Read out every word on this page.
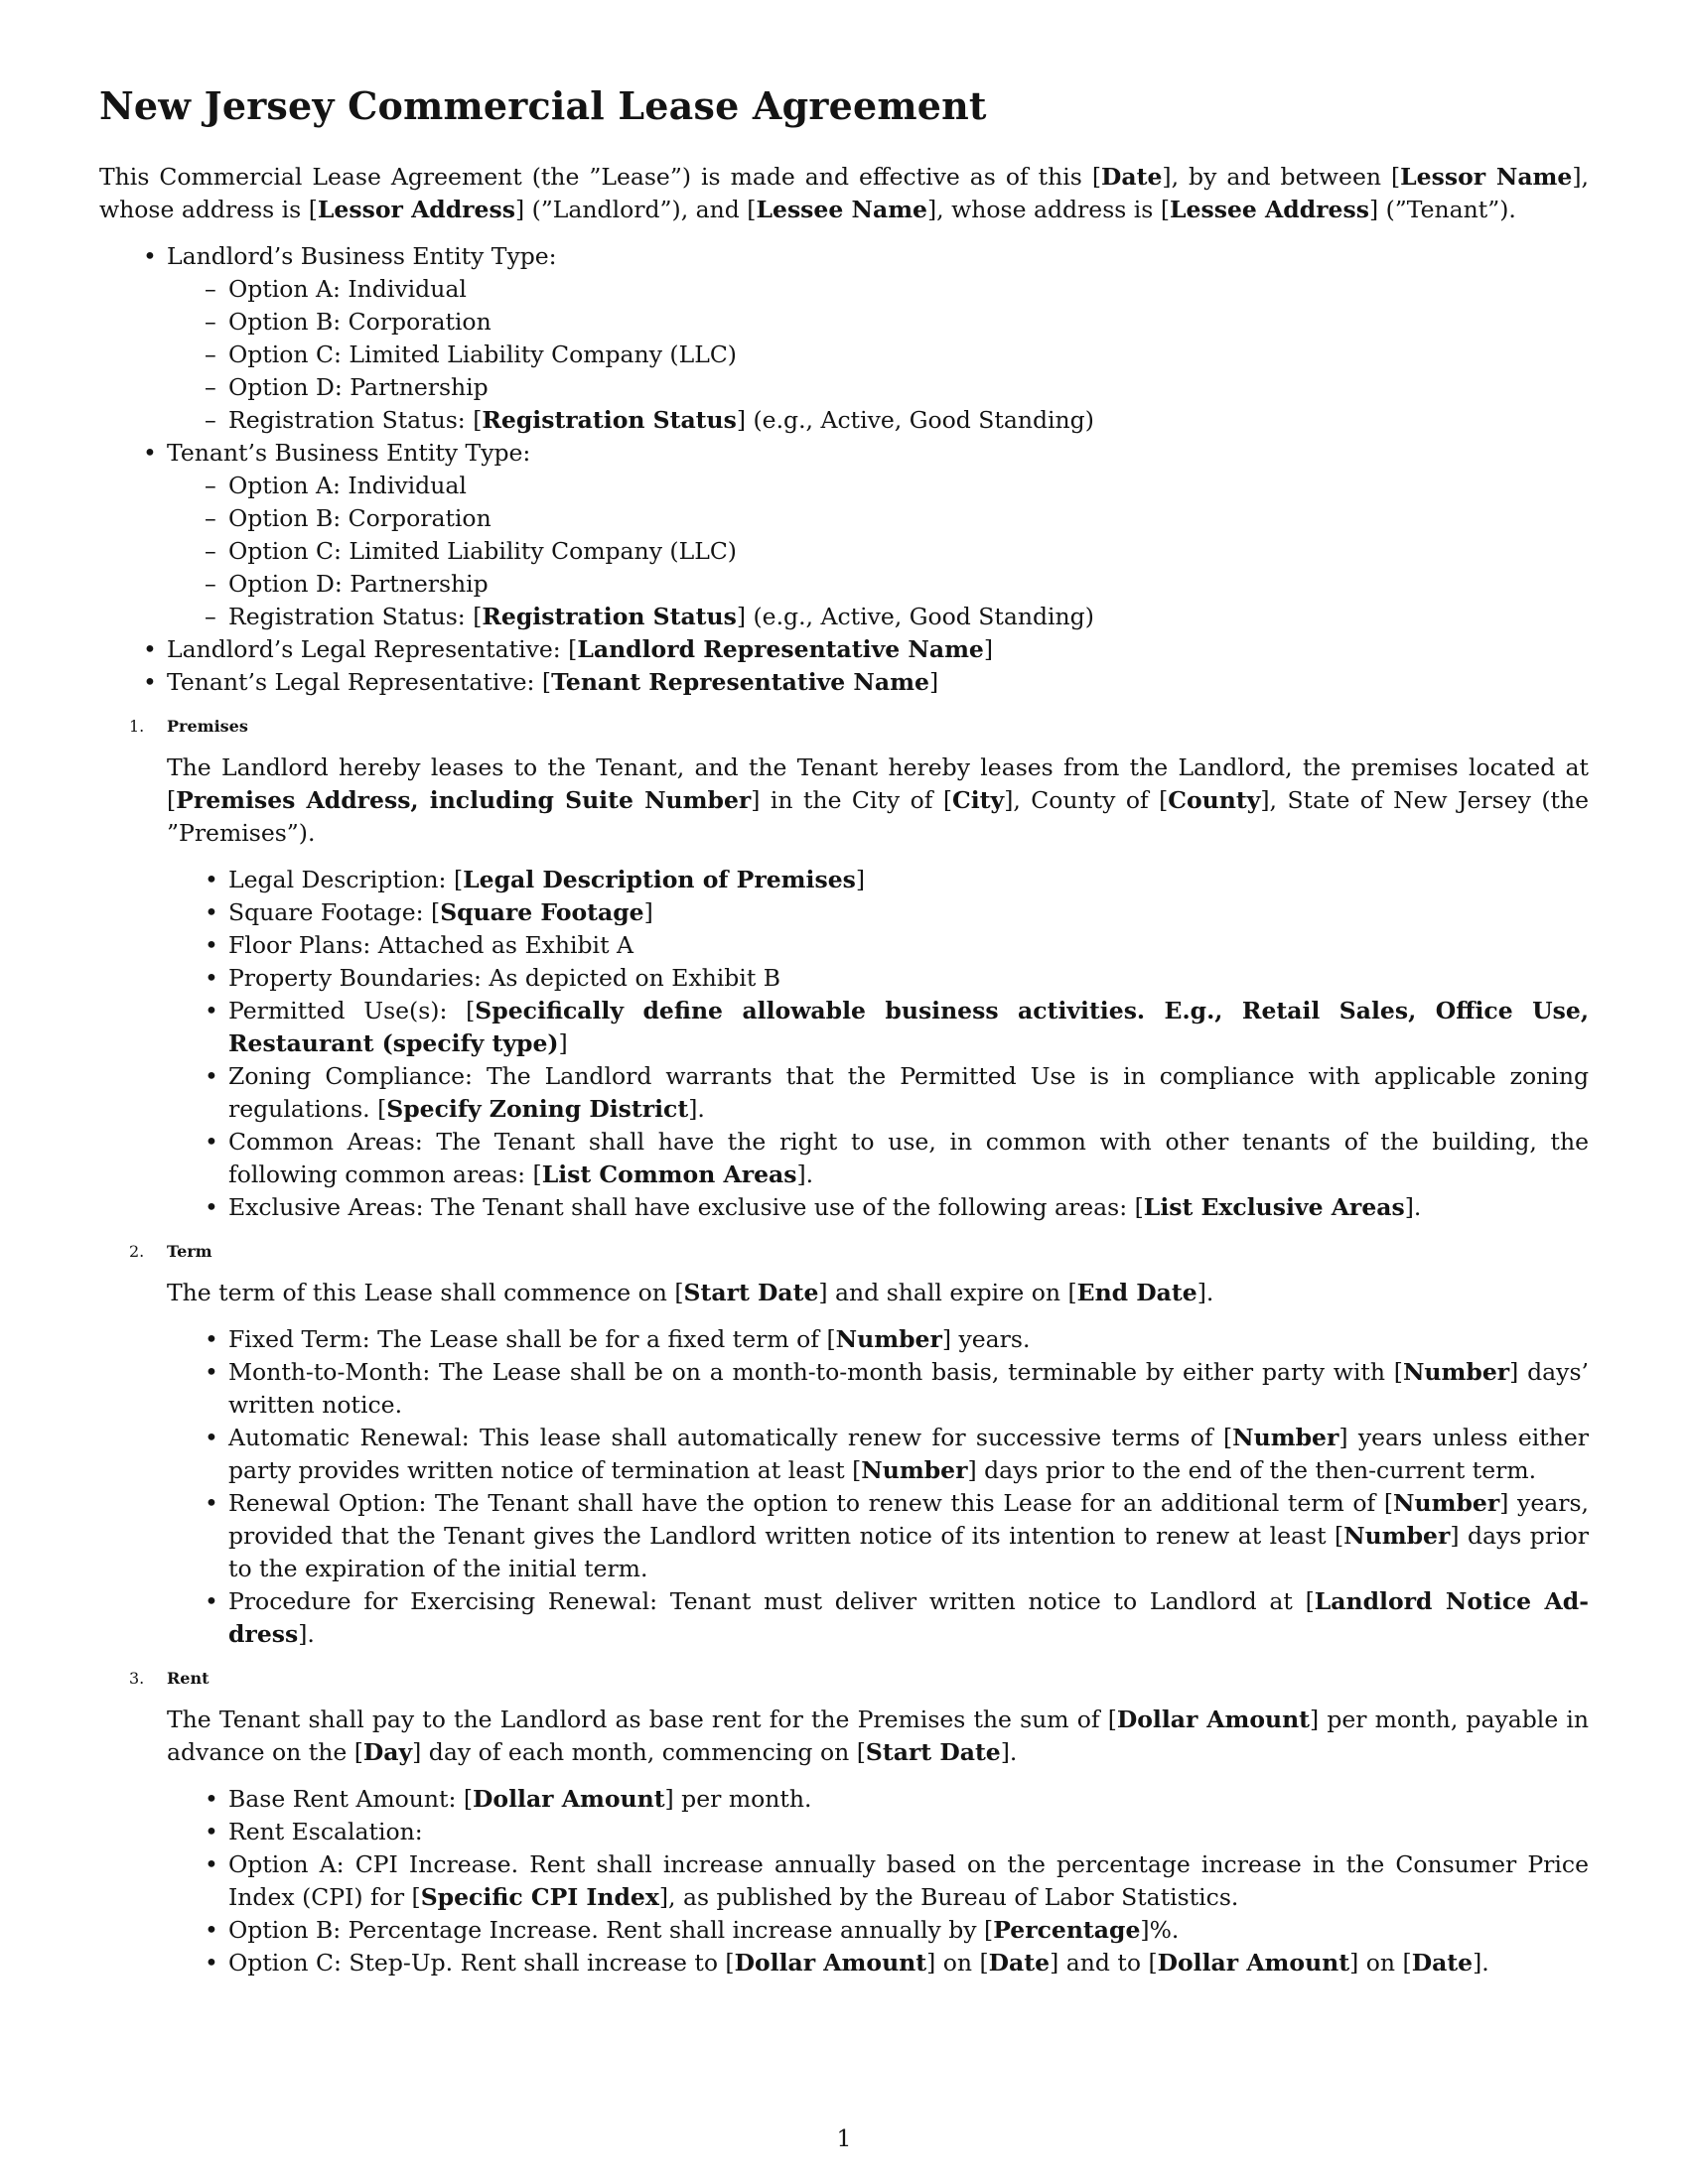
New Jersey Commercial Lease Agreement

This Commercial Lease Agreement (the ”Lease”) is made and effective as of this [Date], by and between [Lessor Name], whose address is [Lessor Address] (”Landlord”), and [Lessee Name], whose address is [Lessee Address] (”Tenant”).

• Landlord’s Business Entity Type:
– Option A: Individual
– Option B: Corporation
– Option C: Limited Liability Company (LLC)
– Option D: Partnership
– Registration Status: [Registration Status] (e.g., Active, Good Standing)
• Tenant’s Business Entity Type:
– Option A: Individual
– Option B: Corporation
– Option C: Limited Liability Company (LLC)
– Option D: Partnership
– Registration Status: [Registration Status] (e.g., Active, Good Standing)
• Landlord’s Legal Representative: [Landlord Representative Name]
• Tenant’s Legal Representative: [Tenant Representative Name]
1. Premises

The Landlord hereby leases to the Tenant, and the Tenant hereby leases from the Landlord, the premises located at [Premises Address, including Suite Number] in the City of [City], County of [County], State of New Jersey (the ”Premises”).

• Legal Description: [Legal Description of Premises]
• Square Footage: [Square Footage]
• Floor Plans: Attached as Exhibit A
• Property Boundaries: As depicted on Exhibit B
• Permitted Use(s): [Specifically define allowable business activities. E.g., Retail Sales, Office Use, Restaurant (specify type)]
• Zoning Compliance: The Landlord warrants that the Permitted Use is in compliance with applicable zoning regulations. [Specify Zoning District].
• Common Areas: The Tenant shall have the right to use, in common with other tenants of the building, the following common areas: [List Common Areas].
• Exclusive Areas: The Tenant shall have exclusive use of the following areas: [List Exclusive Areas].
2. Term

The term of this Lease shall commence on [Start Date] and shall expire on [End Date].

• Fixed Term: The Lease shall be for a fixed term of [Number] years.
• Month-to-Month: The Lease shall be on a month-to-month basis, terminable by either party with [Number] days’ written notice.
• Automatic Renewal: This lease shall automatically renew for successive terms of [Number] years unless either party provides written notice of termination at least [Number] days prior to the end of the then-current term.
• Renewal Option: The Tenant shall have the option to renew this Lease for an additional term of [Number] years, provided that the Tenant gives the Landlord written notice of its intention to renew at least [Number] days prior to the expiration of the initial term.
• Procedure for Exercising Renewal: Tenant must deliver written notice to Landlord at [Landlord Notice Address].
3. Rent

The Tenant shall pay to the Landlord as base rent for the Premises the sum of [Dollar Amount] per month, payable in advance on the [Day] day of each month, commencing on [Start Date].

• Base Rent Amount: [Dollar Amount] per month.
• Rent Escalation:
• Option A: CPI Increase. Rent shall increase annually based on the percentage increase in the Consumer Price Index (CPI) for [Specific CPI Index], as published by the Bureau of Labor Statistics.
• Option B: Percentage Increase. Rent shall increase annually by [Percentage]%.
• Option C: Step-Up. Rent shall increase to [Dollar Amount] on [Date] and to [Dollar Amount] on [Date].
1
